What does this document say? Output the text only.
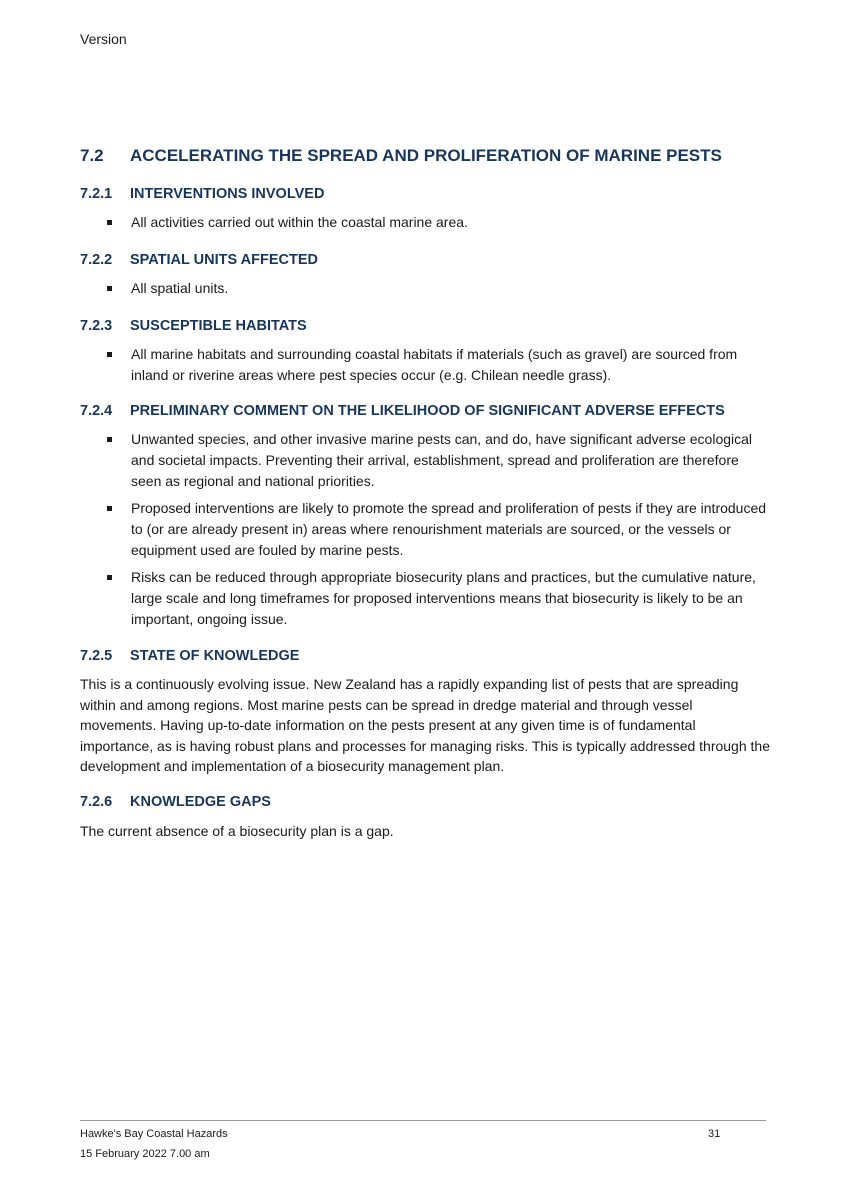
Version
7.2 ACCELERATING THE SPREAD AND PROLIFERATION OF MARINE PESTS
7.2.1 INTERVENTIONS INVOLVED
All activities carried out within the coastal marine area.
7.2.2 SPATIAL UNITS AFFECTED
All spatial units.
7.2.3 SUSCEPTIBLE HABITATS
All marine habitats and surrounding coastal habitats if materials (such as gravel) are sourced from inland or riverine areas where pest species occur (e.g. Chilean needle grass).
7.2.4 PRELIMINARY COMMENT ON THE LIKELIHOOD OF SIGNIFICANT ADVERSE EFFECTS
Unwanted species, and other invasive marine pests can, and do, have significant adverse ecological and societal impacts. Preventing their arrival, establishment, spread and proliferation are therefore seen as regional and national priorities.
Proposed interventions are likely to promote the spread and proliferation of pests if they are introduced to (or are already present in) areas where renourishment materials are sourced, or the vessels or equipment used are fouled by marine pests.
Risks can be reduced through appropriate biosecurity plans and practices, but the cumulative nature, large scale and long timeframes for proposed interventions means that biosecurity is likely to be an important, ongoing issue.
7.2.5 STATE OF KNOWLEDGE
This is a continuously evolving issue. New Zealand has a rapidly expanding list of pests that are spreading within and among regions. Most marine pests can be spread in dredge material and through vessel movements. Having up-to-date information on the pests present at any given time is of fundamental importance, as is having robust plans and processes for managing risks. This is typically addressed through the development and implementation of a biosecurity management plan.
7.2.6 KNOWLEDGE GAPS
The current absence of a biosecurity plan is a gap.
Hawke's Bay Coastal Hazards	31
15 February 2022 7.00 am
